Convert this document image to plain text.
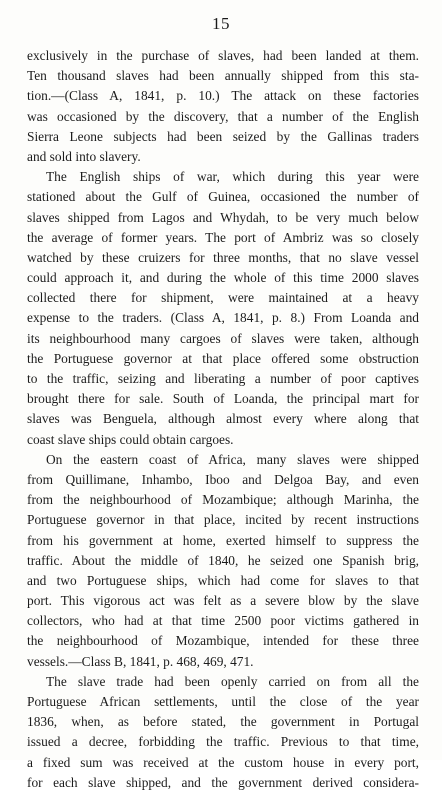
15
exclusively in the purchase of slaves, had been landed at them.
Ten thousand slaves had been annually shipped from this sta-
tion.—(Class A, 1841, p. 10.) The attack on these factories
was occasioned by the discovery, that a number of the English
Sierra Leone subjects had been seized by the Gallinas traders
and sold into slavery.
The English ships of war, which during this year were
stationed about the Gulf of Guinea, occasioned the number of
slaves shipped from Lagos and Whydah, to be very much below
the average of former years. The port of Ambriz was so closely
watched by these cruizers for three months, that no slave vessel
could approach it, and during the whole of this time 2000 slaves
collected there for shipment, were maintained at a heavy
expense to the traders. (Class A, 1841, p. 8.) From Loanda and
its neighbourhood many cargoes of slaves were taken, although
the Portuguese governor at that place offered some obstruction
to the traffic, seizing and liberating a number of poor captives
brought there for sale. South of Loanda, the principal mart for
slaves was Benguela, although almost every where along that
coast slave ships could obtain cargoes.
On the eastern coast of Africa, many slaves were shipped
from Quillimane, Inhambo, Iboo and Delgoa Bay, and even
from the neighbourhood of Mozambique; although Marinha, the
Portuguese governor in that place, incited by recent instructions
from his government at home, exerted himself to suppress the
traffic. About the middle of 1840, he seized one Spanish brig,
and two Portuguese ships, which had come for slaves to that
port. This vigorous act was felt as a severe blow by the slave
collectors, who had at that time 2500 poor victims gathered in
the neighbourhood of Mozambique, intended for these three
vessels.—Class B, 1841, p. 468, 469, 471.
The slave trade had been openly carried on from all the
Portuguese African settlements, until the close of the year
1836, when, as before stated, the government in Portugal
issued a decree, forbidding the traffic. Previous to that time,
a fixed sum was received at the custom house in every port,
for each slave shipped, and the government derived considera-
